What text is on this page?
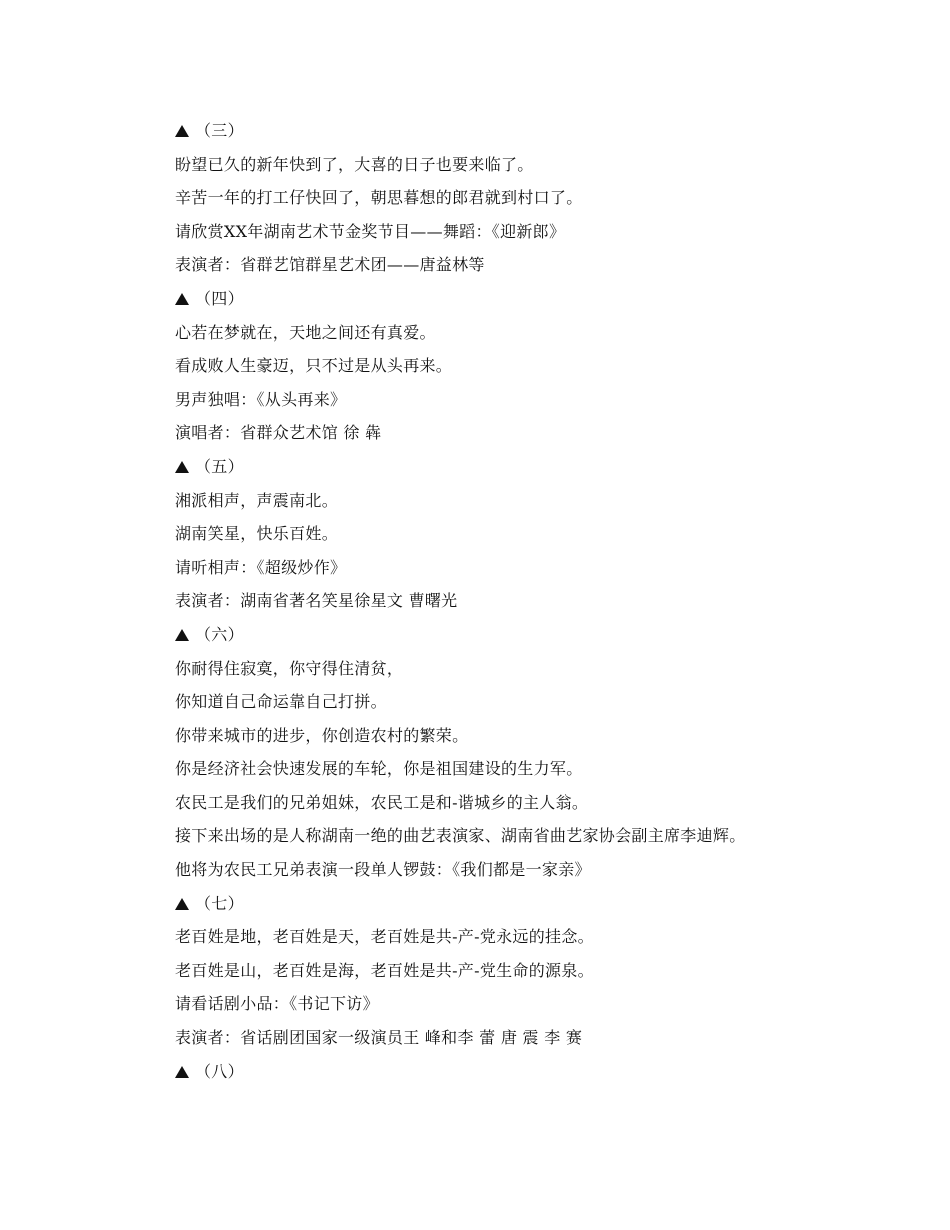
（三）
盼望已久的新年快到了，大喜的日子也要来临了。
辛苦一年的打工仔快回了，朝思暮想的郎君就到村口了。
请欣赏XX年湖南艺术节金奖节目——舞蹈：《迎新郎》
表演者：省群艺馆群星艺术团——唐益林等
（四）
心若在梦就在，天地之间还有真爱。
看成败人生豪迈，只不过是从头再来。
男声独唱：《从头再来》
演唱者：省群众艺术馆 徐 犇
（五）
湘派相声，声震南北。
湖南笑星，快乐百姓。
请听相声：《超级炒作》
表演者：湖南省著名笑星徐星文 曹曙光
（六）
你耐得住寂寞，你守得住清贫，
你知道自己命运靠自己打拼。
你带来城市的进步，你创造农村的繁荣。
你是经济社会快速发展的车轮，你是祖国建设的生力军。
农民工是我们的兄弟姐妹，农民工是和-谐城乡的主人翁。
接下来出场的是人称湖南一绝的曲艺表演家、湖南省曲艺家协会副主席李迪辉。
他将为农民工兄弟表演一段单人锣鼓：《我们都是一家亲》
（七）
老百姓是地，老百姓是天，老百姓是共-产-党永远的挂念。
老百姓是山，老百姓是海，老百姓是共-产-党生命的源泉。
请看话剧小品：《书记下访》
表演者：省话剧团国家一级演员王 峰和李 蕾 唐 震 李 赛
（八）
